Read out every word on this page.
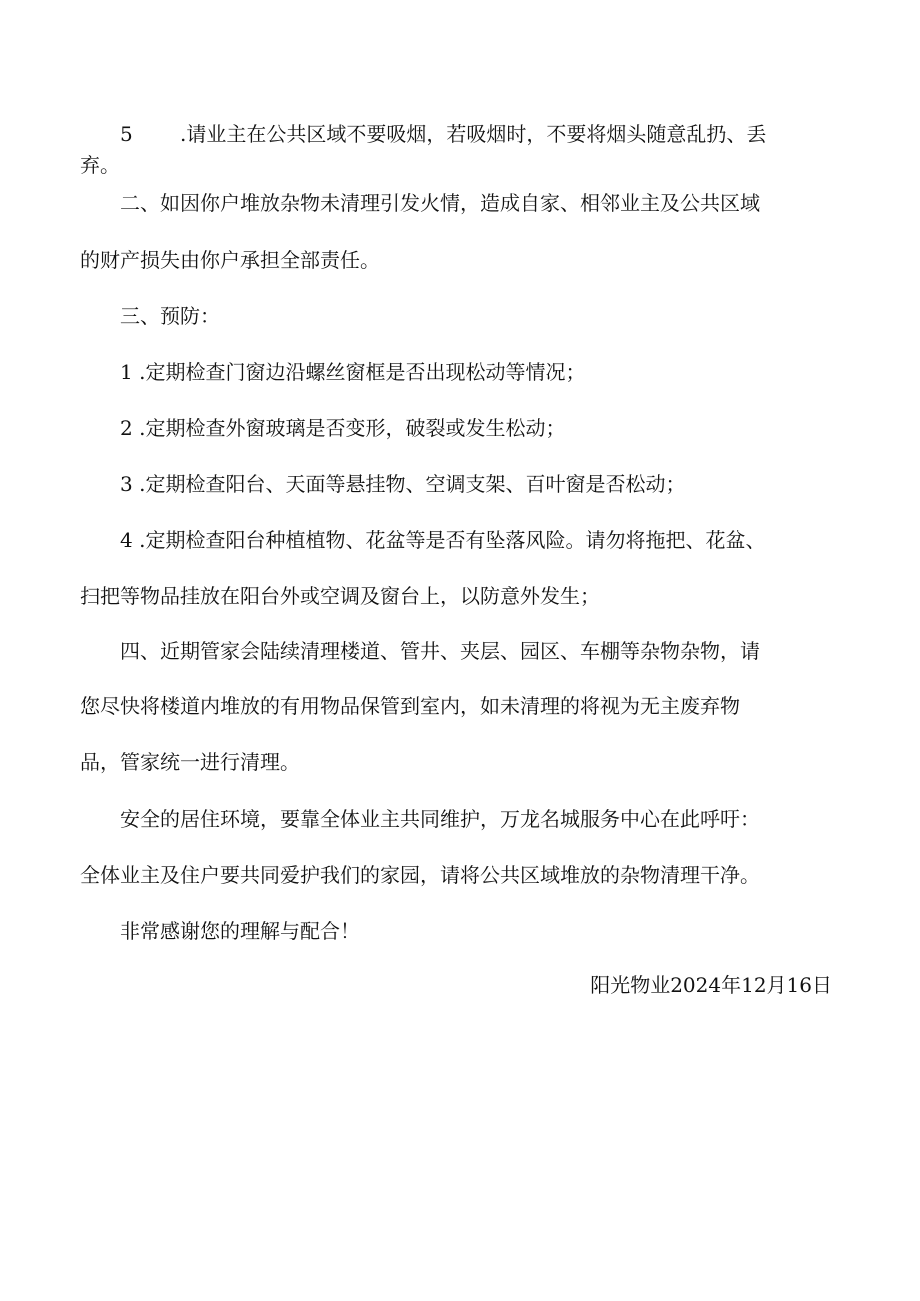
5 .请业主在公共区域不要吸烟，若吸烟时，不要将烟头随意乱扔、丢
弃。
二、如因你户堆放杂物未清理引发火情，造成自家、相邻业主及公共区域
的财产损失由你户承担全部责任。
三、预防：
1 .定期检查门窗边沿螺丝窗框是否出现松动等情况；
2 .定期检查外窗玻璃是否变形，破裂或发生松动；
3 .定期检查阳台、天面等悬挂物、空调支架、百叶窗是否松动；
4 .定期检查阳台种植植物、花盆等是否有坠落风险。请勿将拖把、花盆、
扫把等物品挂放在阳台外或空调及窗台上，以防意外发生；
四、近期管家会陆续清理楼道、管井、夹层、园区、车棚等杂物杂物，请
您尽快将楼道内堆放的有用物品保管到室内，如未清理的将视为无主废弃物
品，管家统一进行清理。
安全的居住环境，要靠全体业主共同维护，万龙名城服务中心在此呼吁：
全体业主及住户要共同爱护我们的家园，请将公共区域堆放的杂物清理干净。
非常感谢您的理解与配合！
阳光物业2024年12月16日
